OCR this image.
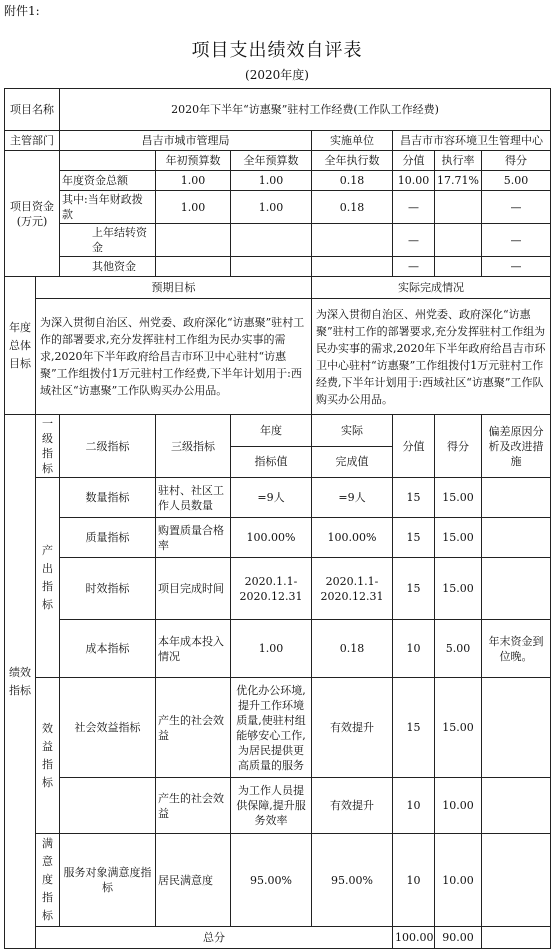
附件1:
项目支出绩效自评表
(2020年度)
项目名称		2020年下半年“访惠聚”驻村工作经费(工作队工作经费)						
主管部门		昌吉市城市管理局			实施单位	昌吉市市容环境卫生管理中心		
项目资金
(万元)			年初预算数	全年预算数	全年执行数	分值	执行率	得分
		年度资金总额	1.00	1.00	0.18	10.00	17.71%	5.00
		其中:当年财政拨款	1.00	1.00	0.18	—		—
		上年结转资金				—		—
		其他资金				—		—
年度总体目标	预期目标				实际完成情况			
	为深入贯彻自治区、州党委、政府深化“访惠聚”驻村工作的部署要求,充分发挥驻村工作组为民办实事的需求,2020年下半年政府给昌吉市环卫中心驻村“访惠聚”工作组拨付1万元驻村工作经费,下半年计划用于:西域社区“访惠聚”工作队购买办公用品。				为深入贯彻自治区、州党委、政府深化“访惠聚”驻村工作的部署要求,充分发挥驻村工作组为民办实事的需求,2020年下半年政府给昌吉市环卫中心驻村“访惠聚”工作组拨付1万元驻村工作经费,下半年计划用于:西域社区“访惠聚”工作队购买办公用品。			
绩效指标	一级指标	二级指标	三级指标	年度	实际	分值	得分	偏差原因分析及改进措施
				指标值	完成值			
	产出指标	数量指标	驻村、社区工作人员数量	=9人	=9人	15	15.00	
		质量指标	购置质量合格率	100.00%	100.00%	15	15.00	
		时效指标	项目完成时间	2020.1.1-2020.12.31	2020.1.1-2020.12.31	15	15.00	
		成本指标	本年成本投入情况	1.00	0.18	10	5.00	年末资金到位晚。
	效益指标	社会效益指标	产生的社会效益	优化办公环境,提升工作环境质量,使驻村组能够安心工作,为居民提供更高质量的服务	有效提升	15	15.00	
			产生的社会效益	为工作人员提供保障,提升服务效率	有效提升	10	10.00	
	满意度指标	服务对象满意度指标	居民满意度	95.00%	95.00%	10	10.00	
	总分					100.00	90.00	
